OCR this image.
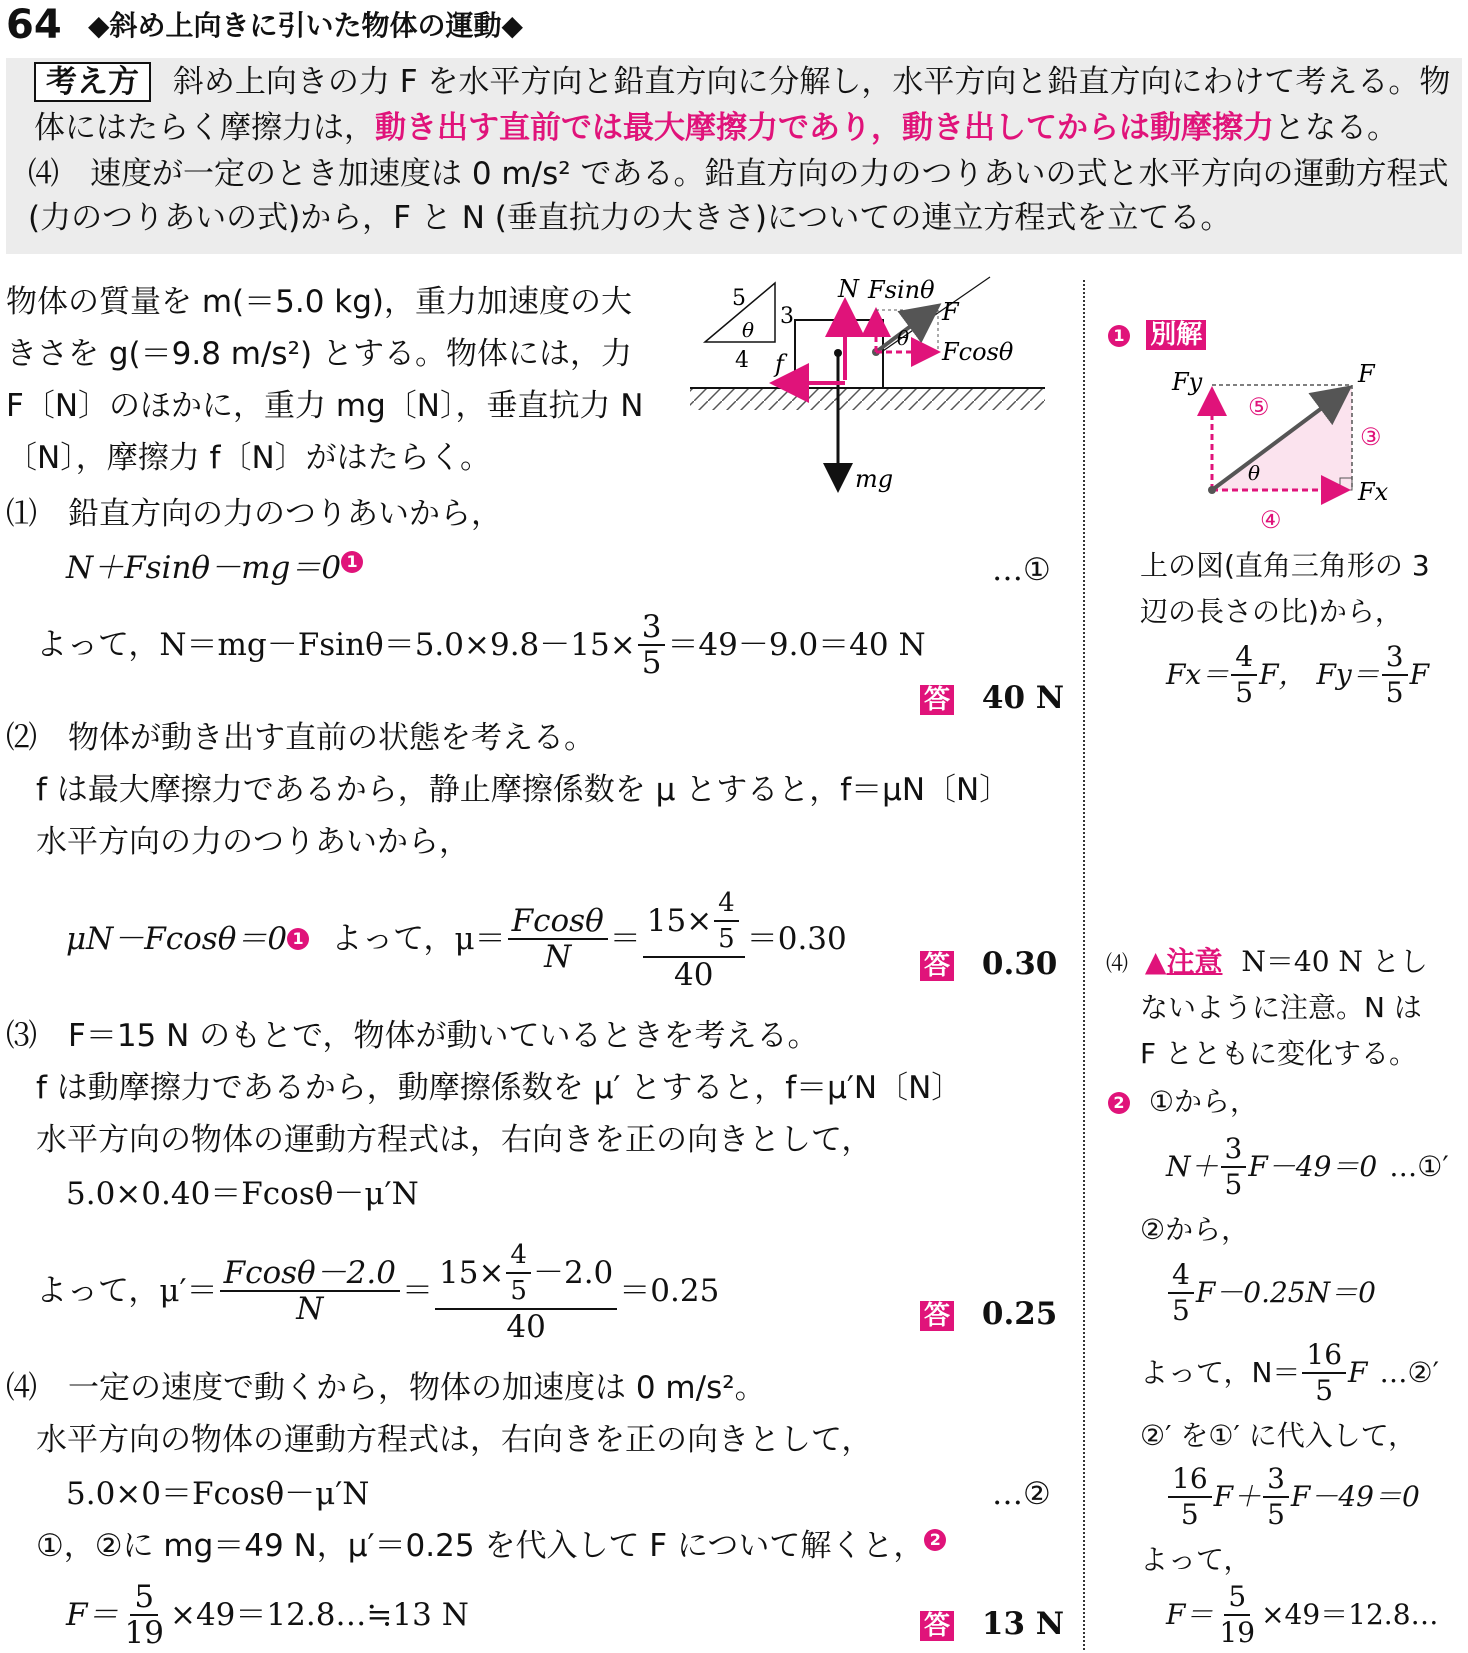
64 ◆斜め上向きに引いた物体の運動◆
考え方 斜め上向きの力 F を水平方向と鉛直方向に分解し，水平方向と鉛直方向にわけて考える。物
体にはたらく摩擦力は，動き出す直前では最大摩擦力であり，動き出してからは動摩擦力となる。
⑷　速度が一定のとき加速度は 0 m/s² である。鉛直方向の力のつりあいの式と水平方向の運動方程式
(力のつりあいの式)から，F と N (垂直抗力の大きさ)についての連立方程式を立てる。
物体の質量を m(＝5.0 kg)，重力加速度の大
きさを g(＝9.8 m/s²) とする。物体には，力
F〔N〕のほかに，重力 mg〔N〕，垂直抗力 N
〔N〕，摩擦力 f〔N〕がはたらく。
5
3
4
θ
N Fsinθ
F
θ Fcosθ
f
mg
⑴　鉛直方向の力のつりあいから，
N＋Fsinθ－mg＝0 1	…①
よって，$N=mg-Fsin\theta=5.0\times 9.8-15\times \frac{3}{5} =49-9.0=40$ N
答 40 N
⑵　物体が動き出す直前の状態を考える。
f は最大摩擦力であるから，静止摩擦係数を μ とすると，f＝μN〔N〕
水平方向の力のつりあいから，
μN－Fcosθ＝0 1 よって，$\mu= \frac{Fcos\theta}{N} = \frac{15\times \frac{4}{5}}{40} =0.30$
答 0.30
⑶　F＝15 N のもとで，物体が動いているときを考える。
f は動摩擦力であるから，動摩擦係数を μ′ とすると，f＝μ′N〔N〕
水平方向の物体の運動方程式は，右向きを正の向きとして，
5.0×0.40＝Fcosθ－μ′N
よって，$\mu'= \frac{Fcos\theta-2.0}{N} = \frac{15\times \frac{4}{5} -2.0}{40} =0.25$
答 0.25
⑷　一定の速度で動くから，物体の加速度は 0 m/s²。
水平方向の物体の運動方程式は，右向きを正の向きとして，
5.0×0＝Fcosθ－μ′N	…②
①，②に mg＝49 N，μ′＝0.25 を代入して F について解くと， 2
$F= \frac{5}{19}$ ×49＝12.8…≒13 N	答 13 N
1 別解
Fy	F
⑤
③
θ
Fx
④
上の図(直角三角形の 3
辺の長さの比)から，
$Fx= \frac{4}{5}$ F， $Fy= \frac{3}{5}$ F
⑷ ▲注意 N＝40 N とし
ないように注意。N は
F とともに変化する。
2 ①から，
$N+ \frac{3}{5} F-49=0$ …①′
②から，
$\frac{4}{5} F-0.25N=0$
よって，$N= \frac{16}{5}$ F …②′
②′ を①′ に代入して，
$\frac{16}{5} F+ \frac{3}{5} F-49=0$
よって，
$F= \frac{5}{19}$ ×49＝12.8…
